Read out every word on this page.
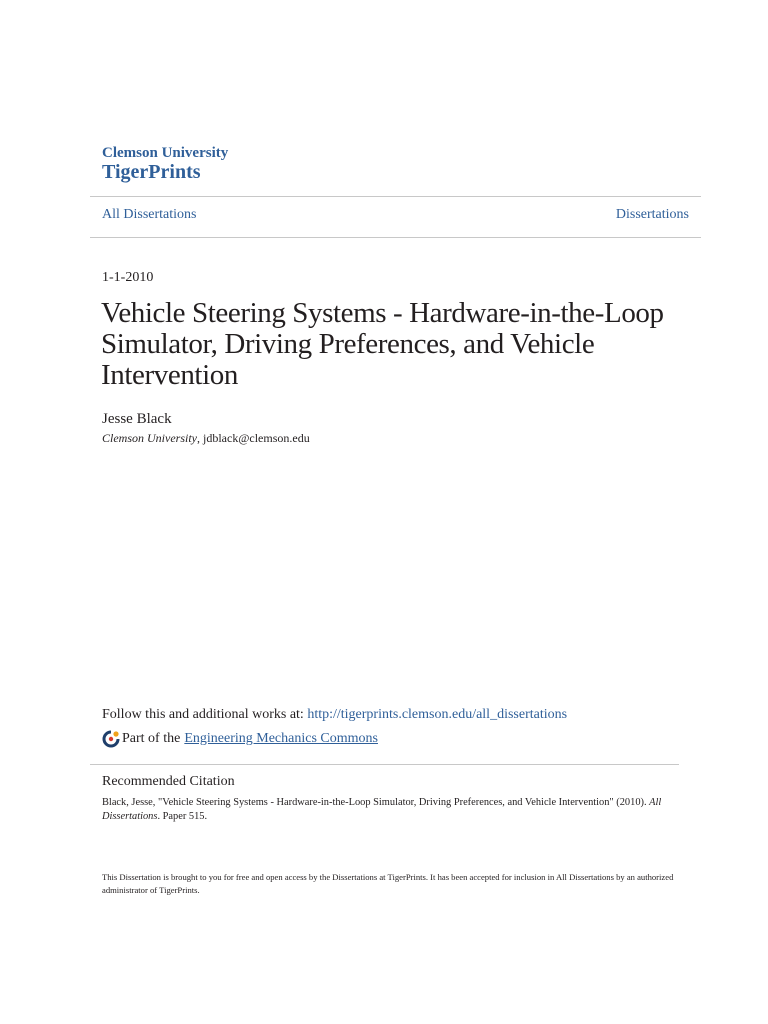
Clemson University
TigerPrints
All Dissertations	Dissertations
1-1-2010
Vehicle Steering Systems - Hardware-in-the-Loop Simulator, Driving Preferences, and Vehicle Intervention
Jesse Black
Clemson University, jdblack@clemson.edu
Follow this and additional works at: http://tigerprints.clemson.edu/all_dissertations
Part of the Engineering Mechanics Commons
Recommended Citation
Black, Jesse, "Vehicle Steering Systems - Hardware-in-the-Loop Simulator, Driving Preferences, and Vehicle Intervention" (2010). All Dissertations. Paper 515.
This Dissertation is brought to you for free and open access by the Dissertations at TigerPrints. It has been accepted for inclusion in All Dissertations by an authorized administrator of TigerPrints.
